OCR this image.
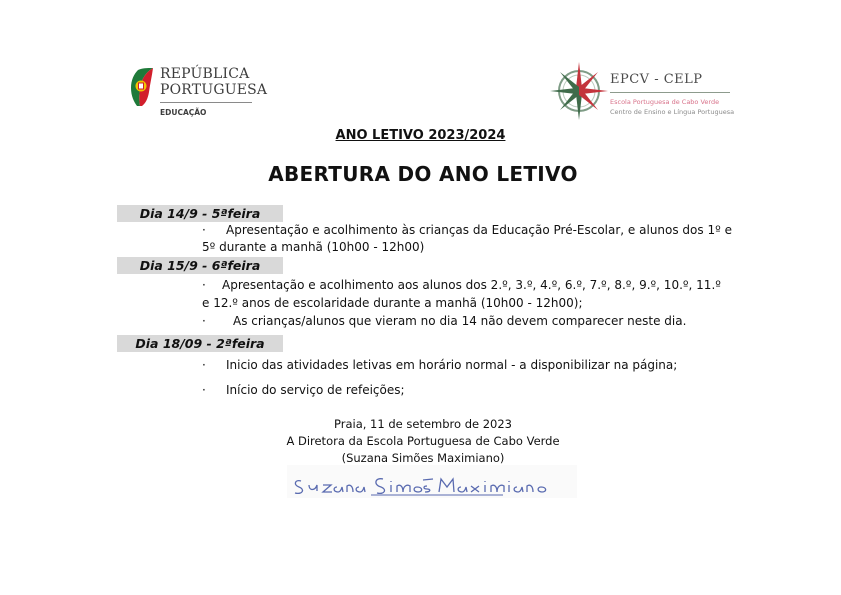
REPÚBLICA
PORTUGUESA
EDUCAÇÃO
EPCV - CELP
Escola Portuguesa de Cabo Verde
Centro de Ensino e Língua Portuguesa
ANO LETIVO 2023/2024
ABERTURA DO ANO LETIVO
Dia 14/9 - 5ªfeira
· Apresentação e acolhimento às crianças da Educação Pré-Escolar, e alunos dos 1º e
5º durante a manhã (10h00 - 12h00)
Dia 15/9 - 6ªfeira
· Apresentação e acolhimento aos alunos dos 2.º, 3.º, 4.º, 6.º, 7.º, 8.º, 9.º, 10.º, 11.º
e 12.º anos de escolaridade durante a manhã (10h00 - 12h00);
· As crianças/alunos que vieram no dia 14 não devem comparecer neste dia.
Dia 18/09 - 2ªfeira
· Inicio das atividades letivas em horário normal - a disponibilizar na página;
· Início do serviço de refeições;
Praia, 11 de setembro de 2023
A Diretora da Escola Portuguesa de Cabo Verde
(Suzana Simões Maximiano)
